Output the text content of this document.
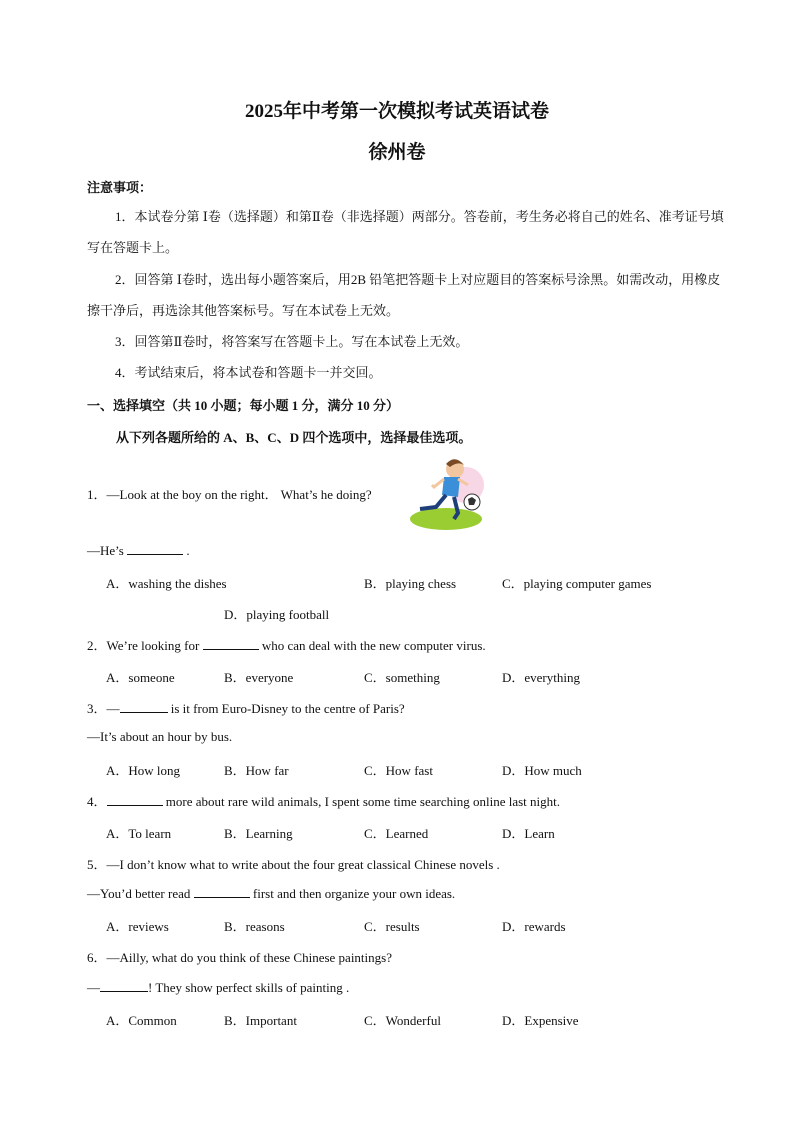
2025年中考第一次模拟考试英语试卷
徐州卷
注意事项：
1．本试卷分第 Ⅰ卷（选择题）和第Ⅱ卷（非选择题）两部分。答卷前，考生务必将自己的姓名、准考证号填写在答题卡上。
2．回答第 Ⅰ卷时，选出每小题答案后，用2B 铅笔把答题卡上对应题目的答案标号涂黑。如需改动，用橡皮擦干净后，再选涂其他答案标号。写在本试卷上无效。
3．回答第Ⅱ卷时，将答案写在答题卡上。写在本试卷上无效。
4．考试结束后，将本试卷和答题卡一并交回。
一、选择填空（共 10 小题；每小题 1 分，满分 10 分）
从下列各题所给的 A、B、C、D 四个选项中，选择最佳选项。
1．—Look at the boy on the right． What’s he doing?
—He’s	.
A．washing the dishes	B．playing chess	C．playing computer games
D．playing football
2．We’re looking for	who can deal with the new computer virus.
A．someone	B．everyone	C．something	D．everything
3．—	is it from Euro-Disney to the centre of Paris?
—It’s about an hour by bus.
A．How long	B．How far	C．How fast	D．How much
4．	more about rare wild animals, I spent some time searching online last night.
A．To learn	B．Learning	C．Learned	D．Learn
5．—I don’t know what to write about the four great classical Chinese novels .
—You’d better read	first and then organize your own ideas.
A．reviews	B．reasons	C．results	D．rewards
6．—Ailly, what do you think of these Chinese paintings?
—	! They show perfect skills of painting .
A．Common	B．Important	C．Wonderful	D．Expensive
